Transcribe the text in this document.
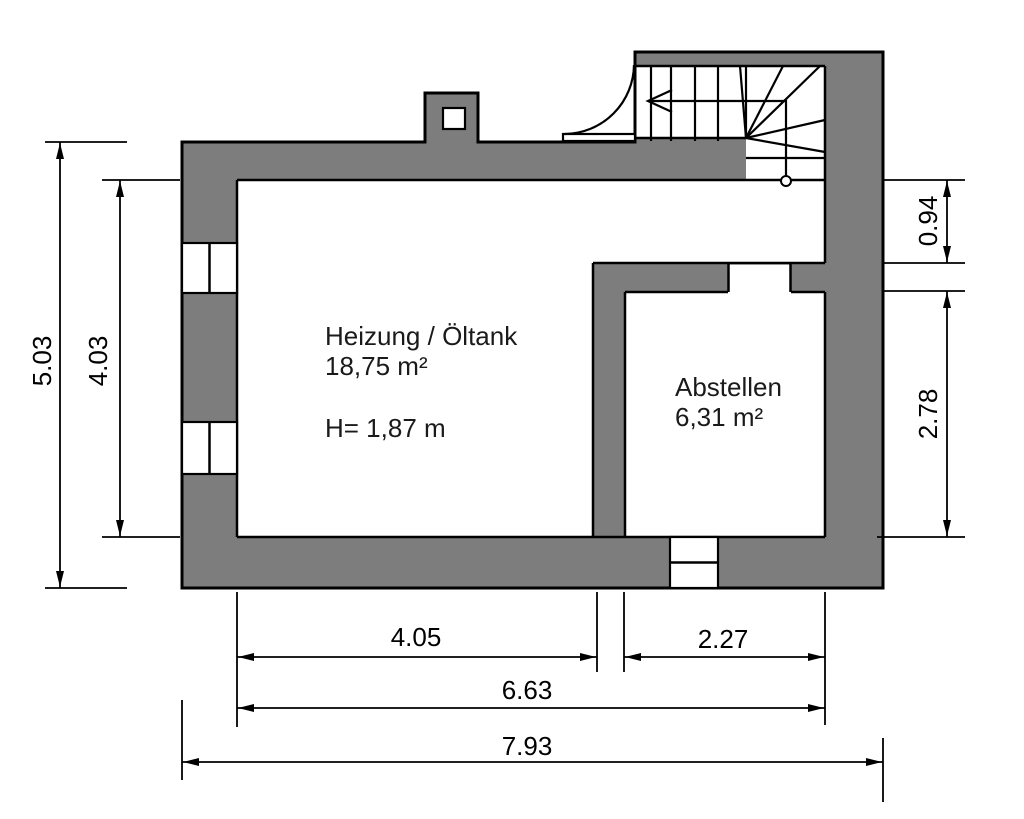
5.03 4.03
0.94
2.78
4.05	2.27
6.63
7.93
Heizung / Öltank
18,75 m²
H= 1,87 m
Abstellen
6,31 m²
